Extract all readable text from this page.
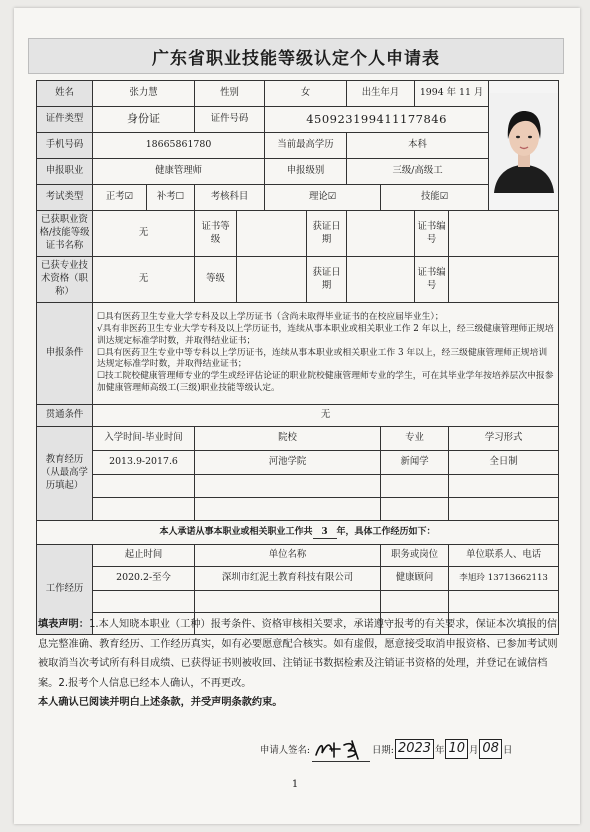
广东省职业技能等级认定个人申请表
姓名	张力慧		性别		女		出生年月		1994 年 11 月	
证件类型	身份证		证件号码		450923199411177846						
手机号码	18665861780				当前最高学历		本科				
申报职业	健康管理师				申报级别		三级/高级工				
考试类型	正考☑	补考☐	考核科目		理论☑			技能☑			
已获职业资格/技能等级证书名称	无		证书等级			获证日期			证书编号		
已获专业技术资格（职称）	无		等级			获证日期			证书编号		
申报条件	☐具有医药卫生专业大学专科及以上学历证书（含尚未取得毕业证书的在校应届毕业生）；
√具有非医药卫生专业大学专科及以上学历证书，连续从事本职业或相关职业工作 2 年以上，经三级健康管理师正规培训达规定标准学时数，并取得结业证书；
☐具有医药卫生专业中等专科以上学历证书，连续从事本职业或相关职业工作 3 年以上，经三级健康管理师正规培训达规定标准学时数，并取得结业证书；
☐技工院校健康管理师专业的学生或经评估论证的职业院校健康管理师专业的学生，可在其毕业学年按培养层次申报参加健康管理师高级工(三级)职业技能等级认定。										

贯通条件	无										
教育经历（从最高学历填起）	入学时间-毕业时间		院校					专业		学习形式	
	2013.9-2017.6		河池学院					新闻学		全日制	

本人承诺从事本职业或相关职业工作共 3 年，具体工作经历如下：											
工作经历	起止时间		单位名称					职务或岗位		单位联系人、电话	
	2020.2-至今		深圳市红泥土教育科技有限公司					健康顾问		李旭玲 13713662113	

填表声明：1.本人知晓本职业（工种）报考条件、资格审核相关要求，承诺遵守报考的有关要求，保证本次填报的信息完整准确、教育经历、工作经历真实，如有必要愿意配合核实。如有虚假，愿意接受取消申报资格、已参加考试则被取消当次考试所有科目成绩、已获得证书则被收回、注销证书数据检索及注销证书资格的处理，并登记在诚信档案。2.报考个人信息已经本人确认，不再更改。
本人确认已阅读并明白上述条款，并受声明条款约束。
申请人签名:	日期: 2023 年 10 月 08 日
1
